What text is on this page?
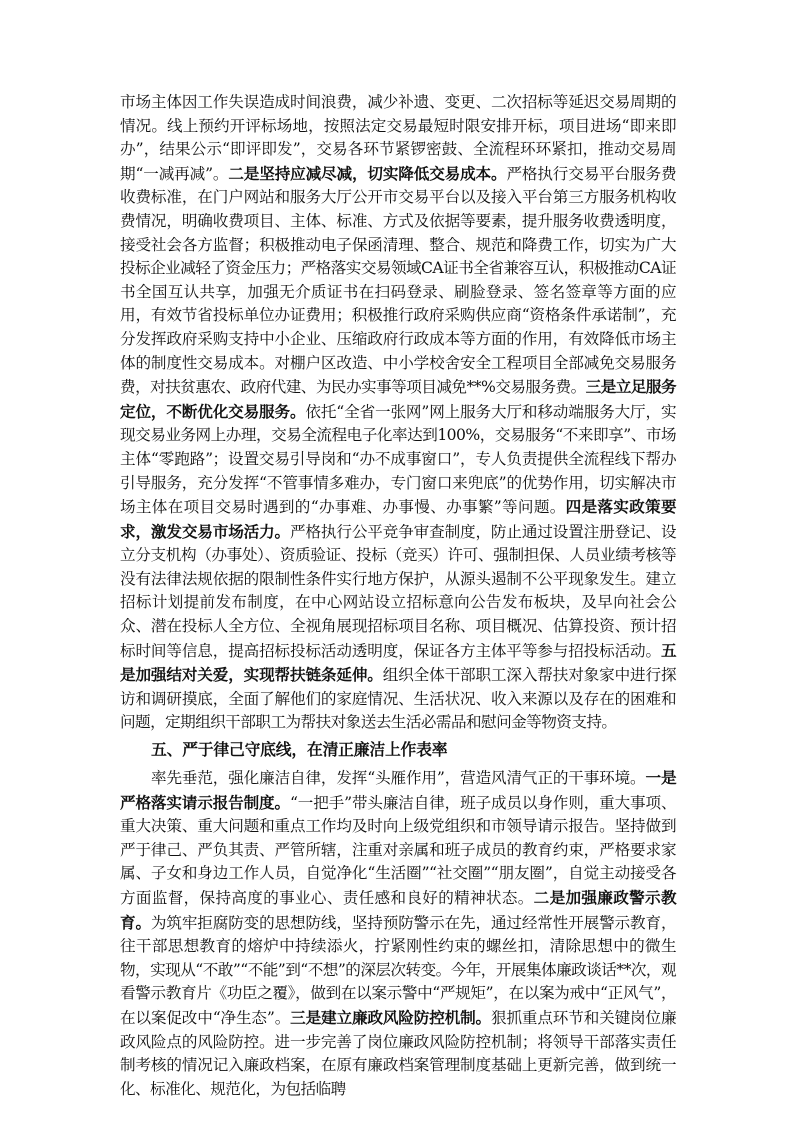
市场主体因工作失误造成时间浪费，减少补遗、变更、二次招标等延迟交易周期的情况。线上预约开评标场地，按照法定交易最短时限安排开标，项目进场“即来即办”，结果公示“即评即发”，交易各环节紧锣密鼓、全流程环环紧扣，推动交易周期“一减再减”。二是坚持应减尽减，切实降低交易成本。严格执行交易平台服务费收费标准，在门户网站和服务大厅公开市交易平台以及接入平台第三方服务机构收费情况，明确收费项目、主体、标准、方式及依据等要素，提升服务收费透明度，接受社会各方监督；积极推动电子保函清理、整合、规范和降费工作，切实为广大投标企业减轻了资金压力；严格落实交易领域CA证书全省兼容互认，积极推动CA证书全国互认共享，加强无介质证书在扫码登录、刷脸登录、签名签章等方面的应用，有效节省投标单位办证费用；积极推行政府采购供应商“资格条件承诺制”，充分发挥政府采购支持中小企业、压缩政府行政成本等方面的作用，有效降低市场主体的制度性交易成本。对棚户区改造、中小学校舍安全工程项目全部减免交易服务费，对扶贫惠农、政府代建、为民办实事等项目减免**%交易服务费。三是立足服务定位，不断优化交易服务。依托“全省一张网”网上服务大厅和移动端服务大厅，实现交易业务网上办理，交易全流程电子化率达到100%，交易服务“不来即享”、市场主体“零跑路”；设置交易引导岗和“办不成事窗口”，专人负责提供全流程线下帮办引导服务，充分发挥“不管事情多难办，专门窗口来兜底”的优势作用，切实解决市场主体在项目交易时遇到的“办事难、办事慢、办事繁”等问题。四是落实政策要求，激发交易市场活力。严格执行公平竞争审查制度，防止通过设置注册登记、设立分支机构（办事处）、资质验证、投标（竞买）许可、强制担保、人员业绩考核等没有法律法规依据的限制性条件实行地方保护，从源头遏制不公平现象发生。建立招标计划提前发布制度，在中心网站设立招标意向公告发布板块，及早向社会公众、潜在投标人全方位、全视角展现招标项目名称、项目概况、估算投资、预计招标时间等信息，提高招标投标活动透明度，保证各方主体平等参与招投标活动。五是加强结对关爱，实现帮扶链条延伸。组织全体干部职工深入帮扶对象家中进行探访和调研摸底，全面了解他们的家庭情况、生活状况、收入来源以及存在的困难和问题，定期组织干部职工为帮扶对象送去生活必需品和慰问金等物资支持。

五、严于律己守底线，在清正廉洁上作表率

率先垂范，强化廉洁自律，发挥“头雁作用”，营造风清气正的干事环境。一是严格落实请示报告制度。“一把手”带头廉洁自律，班子成员以身作则，重大事项、重大决策、重大问题和重点工作均及时向上级党组织和市领导请示报告。坚持做到严于律己、严负其责、严管所辖，注重对亲属和班子成员的教育约束，严格要求家属、子女和身边工作人员，自觉净化“生活圈”“社交圈”“朋友圈”，自觉主动接受各方面监督，保持高度的事业心、责任感和良好的精神状态。二是加强廉政警示教育。为筑牢拒腐防变的思想防线，坚持预防警示在先，通过经常性开展警示教育，往干部思想教育的熔炉中持续添火，拧紧刚性约束的螺丝扣，清除思想中的微生物，实现从“不敢”“不能”到“不想”的深层次转变。今年，开展集体廉政谈话**次，观看警示教育片《功臣之覆》，做到在以案示警中“严规矩”，在以案为戒中“正风气”，在以案促改中“净生态”。三是建立廉政风险防控机制。狠抓重点环节和关键岗位廉政风险点的风险防控。进一步完善了岗位廉政风险防控机制；将领导干部落实责任制考核的情况记入廉政档案，在原有廉政档案管理制度基础上更新完善，做到统一化、标准化、规范化，为包括临聘
